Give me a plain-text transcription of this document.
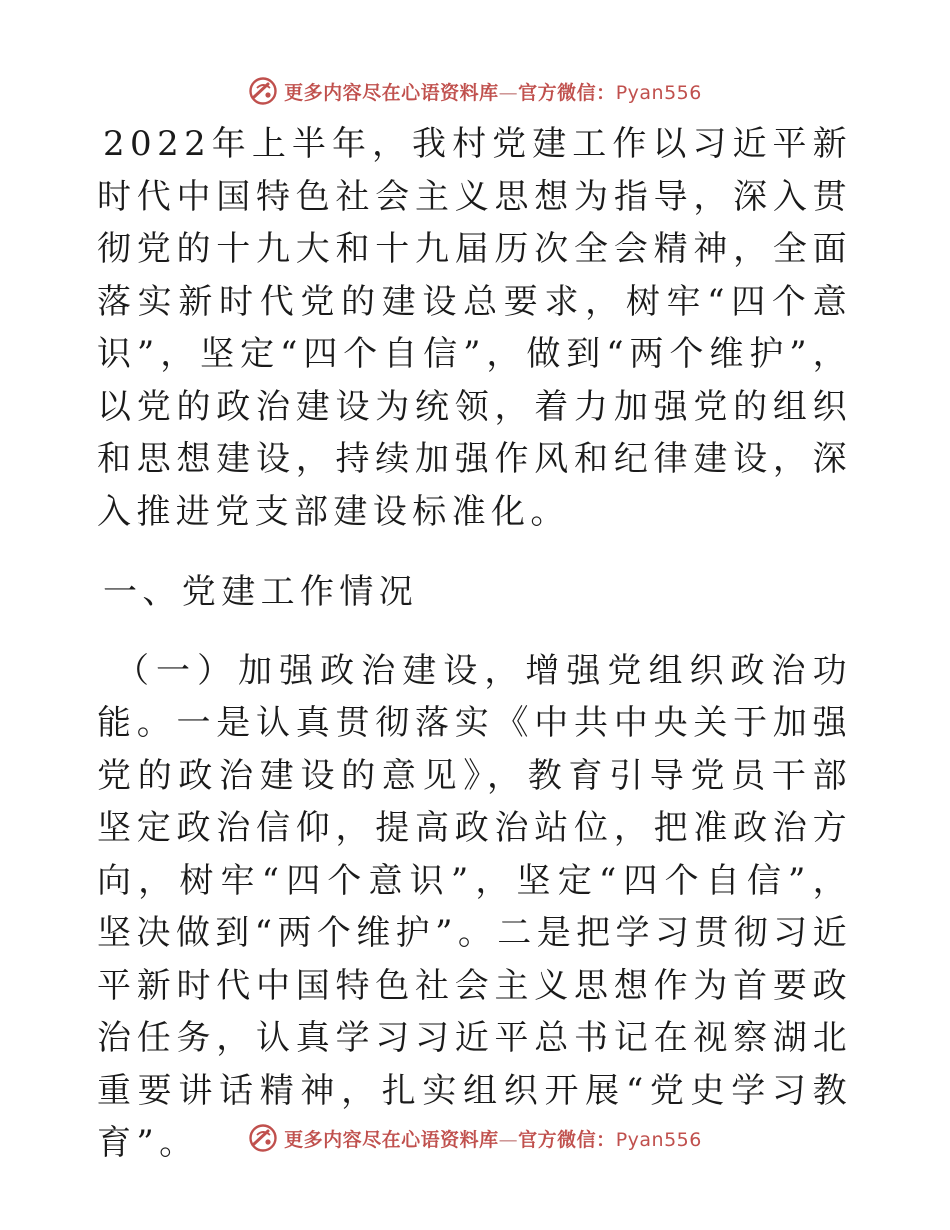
更多内容尽在心语资料库—官方微信：Pyan556

2022年上半年，我村党建工作以习近平新时代中国特色社会主义思想为指导，深入贯彻党的十九大和十九届历次全会精神，全面落实新时代党的建设总要求，树牢“四个意识”，坚定“四个自信”，做到“两个维护”，以党的政治建设为统领，着力加强党的组织和思想建设，持续加强作风和纪律建设，深入推进党支部建设标准化。

一、党建工作情况

（一）加强政治建设，增强党组织政治功能。一是认真贯彻落实《中共中央关于加强党的政治建设的意见》，教育引导党员干部坚定政治信仰，提高政治站位，把准政治方向，树牢“四个意识”，坚定“四个自信”，坚决做到“两个维护”。二是把学习贯彻习近平新时代中国特色社会主义思想作为首要政治任务，认真学习习近平总书记在视察湖北重要讲话精神，扎实组织开展“党史学习教育”。	更多内容尽在心语资料库—官方微信：Pyan556
